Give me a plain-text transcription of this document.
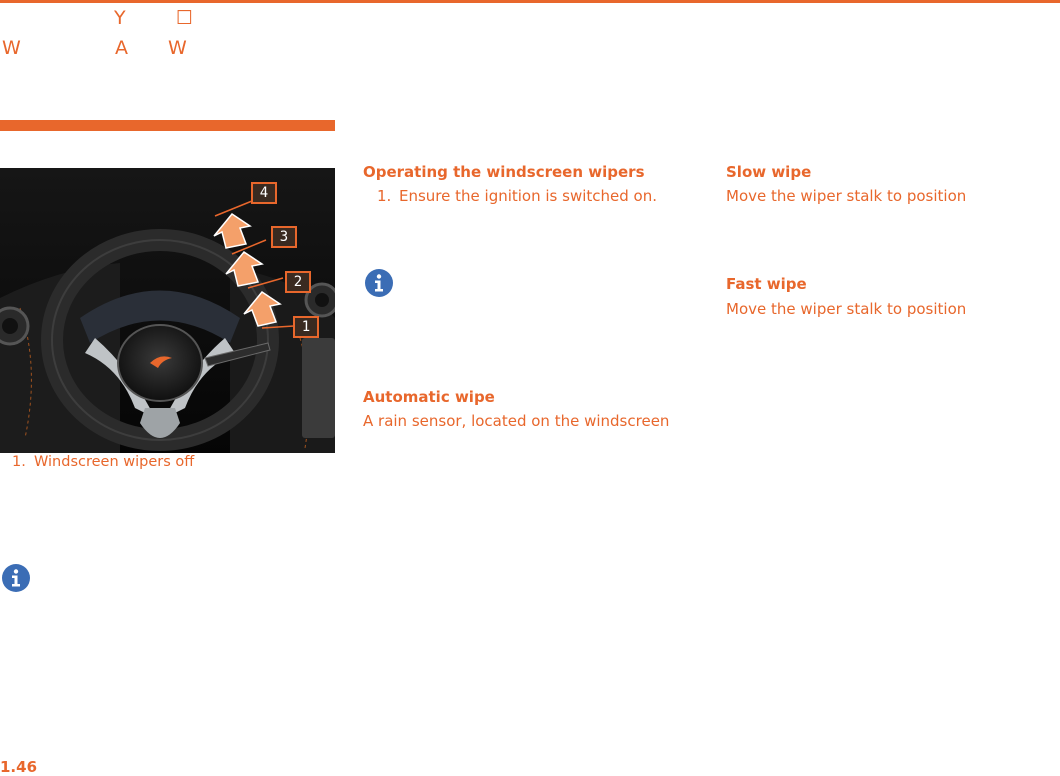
Y	☐
W	A W
4
3
2
1
1. Windscreen wipers off
Operating the windscreen wipers
1. Ensure the ignition is switched on.
Automatic wipe
A rain sensor, located on the windscreen
Slow wipe
Move the wiper stalk to position
Fast wipe
Move the wiper stalk to position
1.46
